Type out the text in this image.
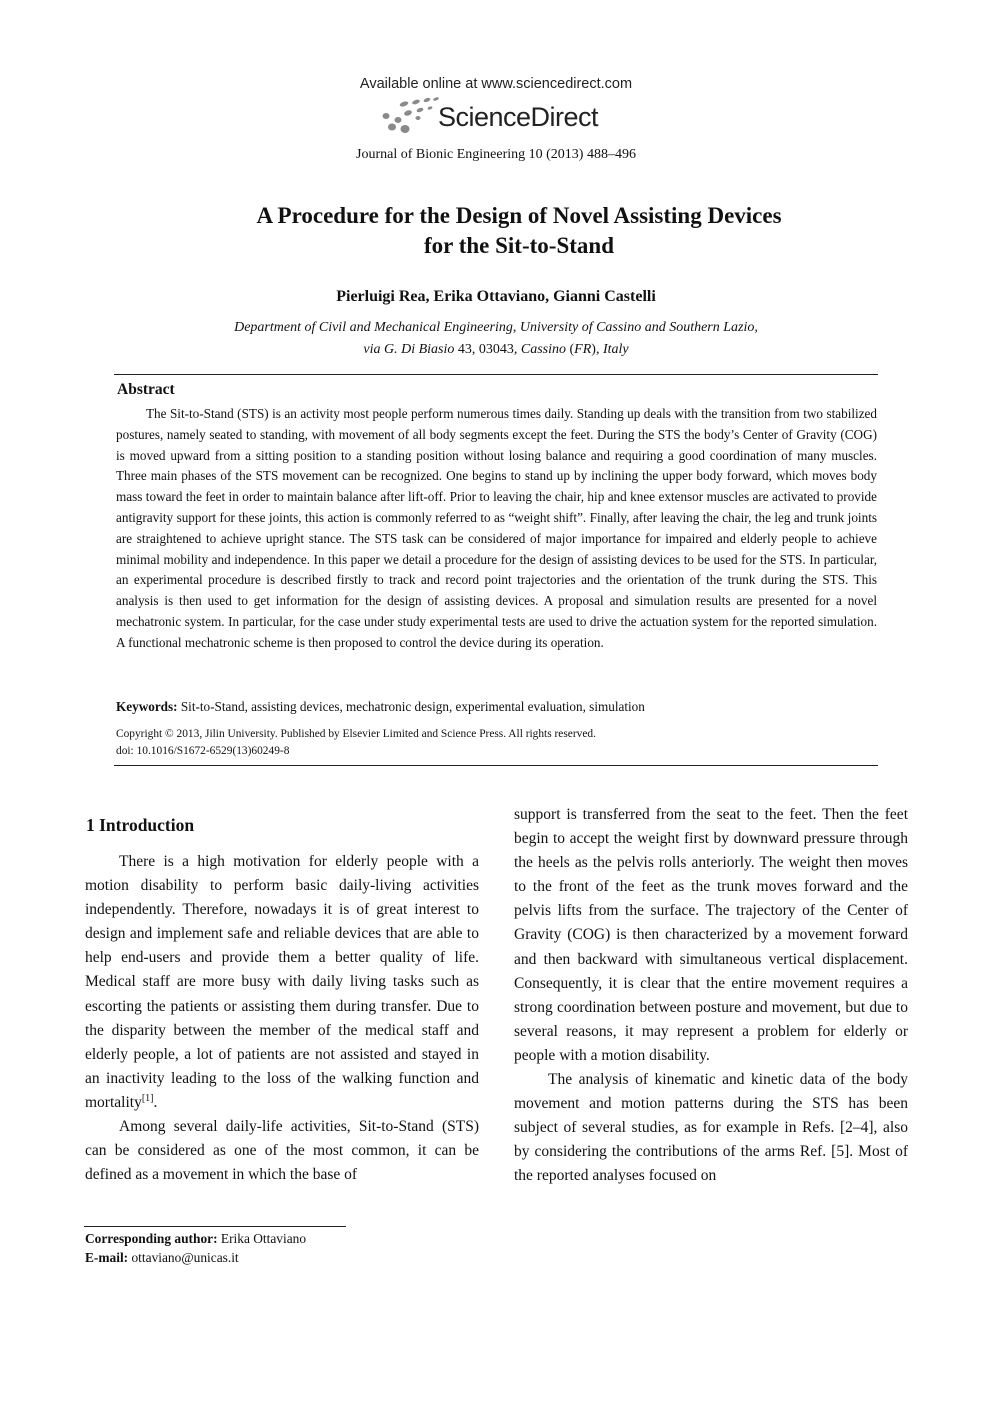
Available online at www.sciencedirect.com
ScienceDirect
Journal of Bionic Engineering 10 (2013) 488–496
A Procedure for the Design of Novel Assisting Devices
for the Sit-to-Stand
Pierluigi Rea, Erika Ottaviano, Gianni Castelli
Department of Civil and Mechanical Engineering, University of Cassino and Southern Lazio,
via G. Di Biasio 43, 03043, Cassino (FR), Italy
Abstract
The Sit-to-Stand (STS) is an activity most people perform numerous times daily. Standing up deals with the transition from two stabilized postures, namely seated to standing, with movement of all body segments except the feet. During the STS the body’s Center of Gravity (COG) is moved upward from a sitting position to a standing position without losing balance and requiring a good coordination of many muscles. Three main phases of the STS movement can be recognized. One begins to stand up by inclining the upper body forward, which moves body mass toward the feet in order to maintain balance after lift-off. Prior to leaving the chair, hip and knee extensor muscles are activated to provide antigravity support for these joints, this action is commonly referred to as “weight shift”. Finally, after leaving the chair, the leg and trunk joints are straightened to achieve upright stance. The STS task can be considered of major importance for impaired and elderly people to achieve minimal mobility and independence. In this paper we detail a procedure for the design of assisting devices to be used for the STS. In particular, an experimental procedure is described firstly to track and record point trajectories and the orientation of the trunk during the STS. This analysis is then used to get information for the design of assisting devices. A proposal and simulation results are presented for a novel mechatronic system. In particular, for the case under study experimental tests are used to drive the actuation system for the reported simulation. A functional mechatronic scheme is then proposed to control the device during its operation.
Keywords: Sit-to-Stand, assisting devices, mechatronic design, experimental evaluation, simulation
Copyright © 2013, Jilin University. Published by Elsevier Limited and Science Press. All rights reserved.
doi: 10.1016/S1672-6529(13)60249-8
1 Introduction

There is a high motivation for elderly people with a motion disability to perform basic daily-living activities independently. Therefore, nowadays it is of great interest to design and implement safe and reliable devices that are able to help end-users and provide them a better quality of life. Medical staff are more busy with daily living tasks such as escorting the patients or assisting them during transfer. Due to the disparity between the member of the medical staff and elderly people, a lot of patients are not assisted and stayed in an inactivity leading to the loss of the walking function and mortality[1].

Among several daily-life activities, Sit-to-Stand (STS) can be considered as one of the most common, it can be defined as a movement in which the base of

support is transferred from the seat to the feet. Then the feet begin to accept the weight first by downward pressure through the heels as the pelvis rolls anteriorly. The weight then moves to the front of the feet as the trunk moves forward and the pelvis lifts from the surface. The trajectory of the Center of Gravity (COG) is then characterized by a movement forward and then backward with simultaneous vertical displacement. Consequently, it is clear that the entire movement requires a strong coordination between posture and movement, but due to several reasons, it may represent a problem for elderly or people with a motion disability.

The analysis of kinematic and kinetic data of the body movement and motion patterns during the STS has been subject of several studies, as for example in Refs. [2–4], also by considering the contributions of the arms Ref. [5]. Most of the reported analyses focused on

Corresponding author: Erika Ottaviano
E-mail: ottaviano@unicas.it
